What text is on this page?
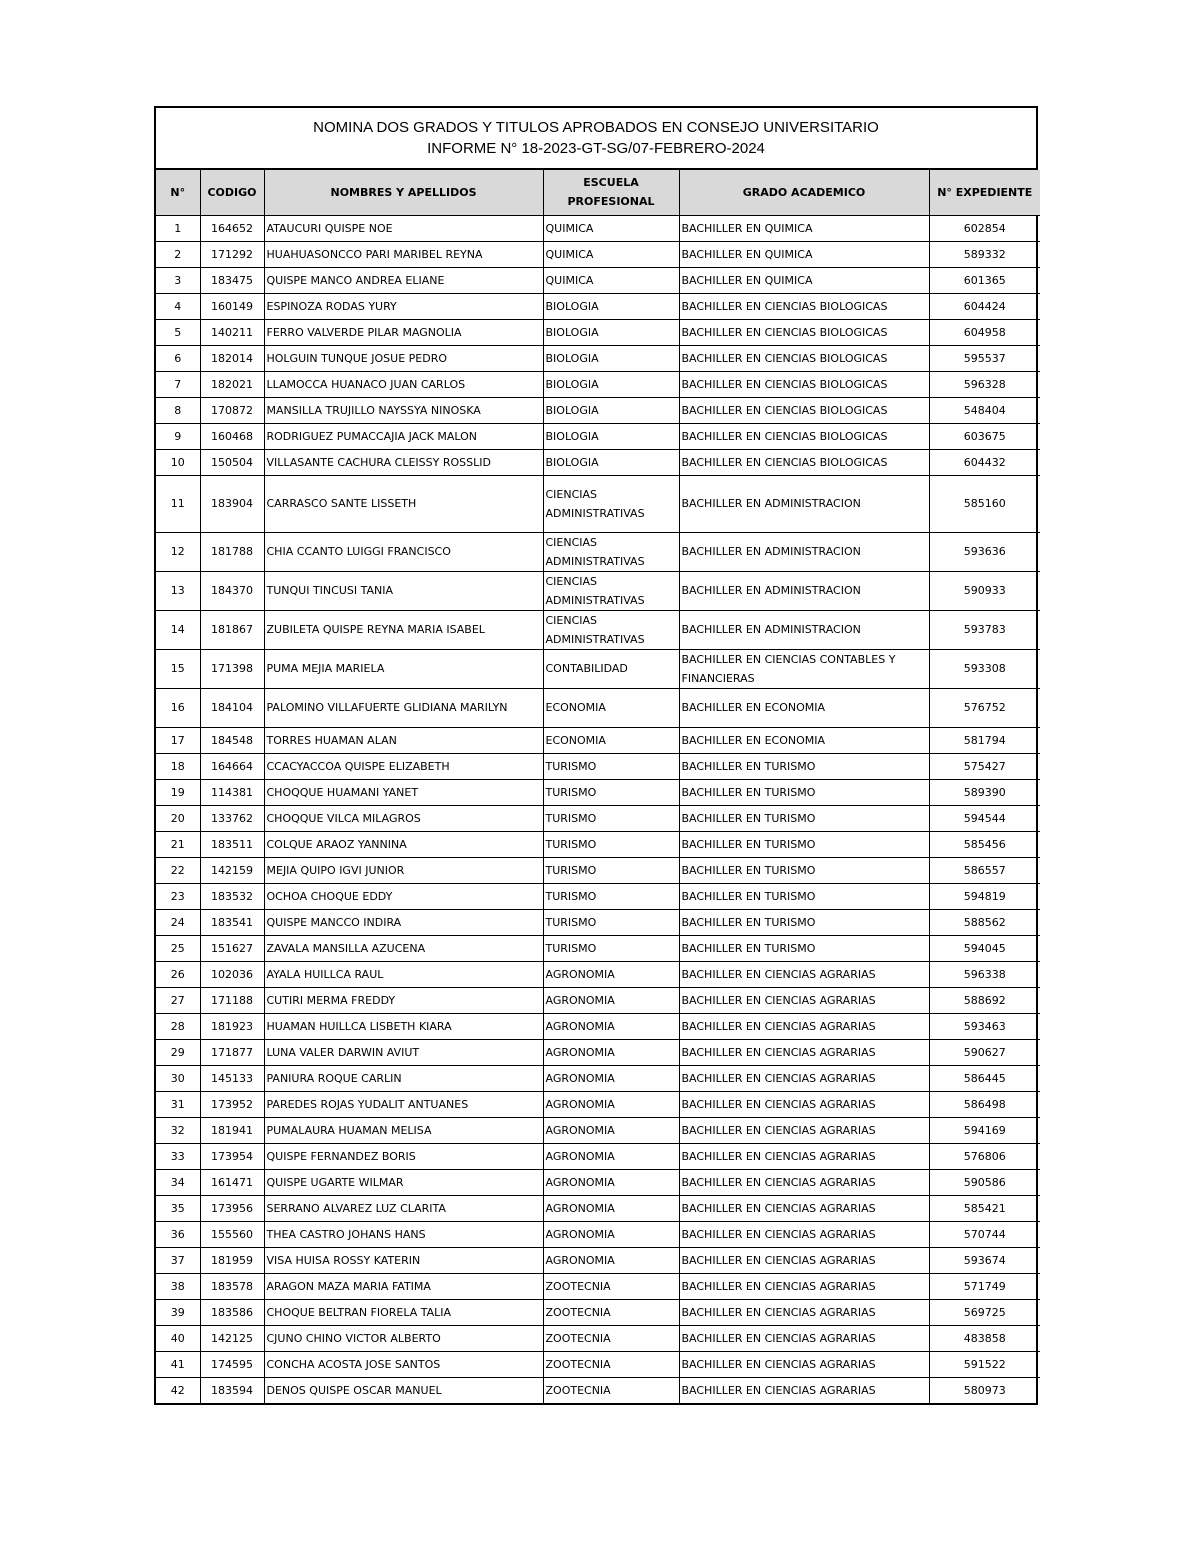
NOMINA DOS GRADOS Y TITULOS APROBADOS EN CONSEJO UNIVERSITARIO
INFORME N° 18-2023-GT-SG/07-FEBRERO-2024
N°	CODIGO	NOMBRES Y APELLIDOS	ESCUELA PROFESIONAL	GRADO ACADEMICO	N° EXPEDIENTE
1	164652	ATAUCURI QUISPE NOE	QUIMICA	BACHILLER EN QUIMICA	602854
2	171292	HUAHUASONCCO PARI MARIBEL REYNA	QUIMICA	BACHILLER EN QUIMICA	589332
3	183475	QUISPE MANCO ANDREA ELIANE	QUIMICA	BACHILLER EN QUIMICA	601365
4	160149	ESPINOZA RODAS YURY	BIOLOGIA	BACHILLER EN CIENCIAS BIOLOGICAS	604424
5	140211	FERRO VALVERDE PILAR MAGNOLIA	BIOLOGIA	BACHILLER EN CIENCIAS BIOLOGICAS	604958
6	182014	HOLGUIN TUNQUE JOSUE PEDRO	BIOLOGIA	BACHILLER EN CIENCIAS BIOLOGICAS	595537
7	182021	LLAMOCCA HUANACO JUAN CARLOS	BIOLOGIA	BACHILLER EN CIENCIAS BIOLOGICAS	596328
8	170872	MANSILLA TRUJILLO NAYSSYA NINOSKA	BIOLOGIA	BACHILLER EN CIENCIAS BIOLOGICAS	548404
9	160468	RODRIGUEZ PUMACCAJIA JACK MALON	BIOLOGIA	BACHILLER EN CIENCIAS BIOLOGICAS	603675
10	150504	VILLASANTE CACHURA CLEISSY ROSSLID	BIOLOGIA	BACHILLER EN CIENCIAS BIOLOGICAS	604432
11	183904	CARRASCO SANTE LISSETH	CIENCIAS ADMINISTRATIVAS	BACHILLER EN ADMINISTRACION	585160
12	181788	CHIA CCANTO LUIGGI FRANCISCO	CIENCIAS ADMINISTRATIVAS	BACHILLER EN ADMINISTRACION	593636
13	184370	TUNQUI TINCUSI TANIA	CIENCIAS ADMINISTRATIVAS	BACHILLER EN ADMINISTRACION	590933
14	181867	ZUBILETA QUISPE REYNA MARIA ISABEL	CIENCIAS ADMINISTRATIVAS	BACHILLER EN ADMINISTRACION	593783
15	171398	PUMA MEJIA MARIELA	CONTABILIDAD	BACHILLER EN CIENCIAS CONTABLES Y FINANCIERAS	593308
16	184104	PALOMINO VILLAFUERTE GLIDIANA MARILYN	ECONOMIA	BACHILLER EN ECONOMIA	576752
17	184548	TORRES HUAMAN ALAN	ECONOMIA	BACHILLER EN ECONOMIA	581794
18	164664	CCACYACCOA QUISPE ELIZABETH	TURISMO	BACHILLER EN TURISMO	575427
19	114381	CHOQQUE HUAMANI YANET	TURISMO	BACHILLER EN TURISMO	589390
20	133762	CHOQQUE VILCA MILAGROS	TURISMO	BACHILLER EN TURISMO	594544
21	183511	COLQUE ARAOZ YANNINA	TURISMO	BACHILLER EN TURISMO	585456
22	142159	MEJIA QUIPO IGVI JUNIOR	TURISMO	BACHILLER EN TURISMO	586557
23	183532	OCHOA CHOQUE EDDY	TURISMO	BACHILLER EN TURISMO	594819
24	183541	QUISPE MANCCO INDIRA	TURISMO	BACHILLER EN TURISMO	588562
25	151627	ZAVALA MANSILLA AZUCENA	TURISMO	BACHILLER EN TURISMO	594045
26	102036	AYALA HUILLCA RAUL	AGRONOMIA	BACHILLER EN CIENCIAS AGRARIAS	596338
27	171188	CUTIRI MERMA FREDDY	AGRONOMIA	BACHILLER EN CIENCIAS AGRARIAS	588692
28	181923	HUAMAN HUILLCA LISBETH KIARA	AGRONOMIA	BACHILLER EN CIENCIAS AGRARIAS	593463
29	171877	LUNA VALER DARWIN AVIUT	AGRONOMIA	BACHILLER EN CIENCIAS AGRARIAS	590627
30	145133	PANIURA ROQUE CARLIN	AGRONOMIA	BACHILLER EN CIENCIAS AGRARIAS	586445
31	173952	PAREDES ROJAS YUDALIT ANTUANES	AGRONOMIA	BACHILLER EN CIENCIAS AGRARIAS	586498
32	181941	PUMALAURA HUAMAN MELISA	AGRONOMIA	BACHILLER EN CIENCIAS AGRARIAS	594169
33	173954	QUISPE FERNANDEZ BORIS	AGRONOMIA	BACHILLER EN CIENCIAS AGRARIAS	576806
34	161471	QUISPE UGARTE WILMAR	AGRONOMIA	BACHILLER EN CIENCIAS AGRARIAS	590586
35	173956	SERRANO ALVAREZ LUZ CLARITA	AGRONOMIA	BACHILLER EN CIENCIAS AGRARIAS	585421
36	155560	THEA CASTRO JOHANS HANS	AGRONOMIA	BACHILLER EN CIENCIAS AGRARIAS	570744
37	181959	VISA HUISA ROSSY KATERIN	AGRONOMIA	BACHILLER EN CIENCIAS AGRARIAS	593674
38	183578	ARAGON MAZA MARIA FATIMA	ZOOTECNIA	BACHILLER EN CIENCIAS AGRARIAS	571749
39	183586	CHOQUE BELTRAN FIORELA TALIA	ZOOTECNIA	BACHILLER EN CIENCIAS AGRARIAS	569725
40	142125	CJUNO CHINO VICTOR ALBERTO	ZOOTECNIA	BACHILLER EN CIENCIAS AGRARIAS	483858
41	174595	CONCHA ACOSTA JOSE SANTOS	ZOOTECNIA	BACHILLER EN CIENCIAS AGRARIAS	591522
42	183594	DENOS QUISPE OSCAR MANUEL	ZOOTECNIA	BACHILLER EN CIENCIAS AGRARIAS	580973
